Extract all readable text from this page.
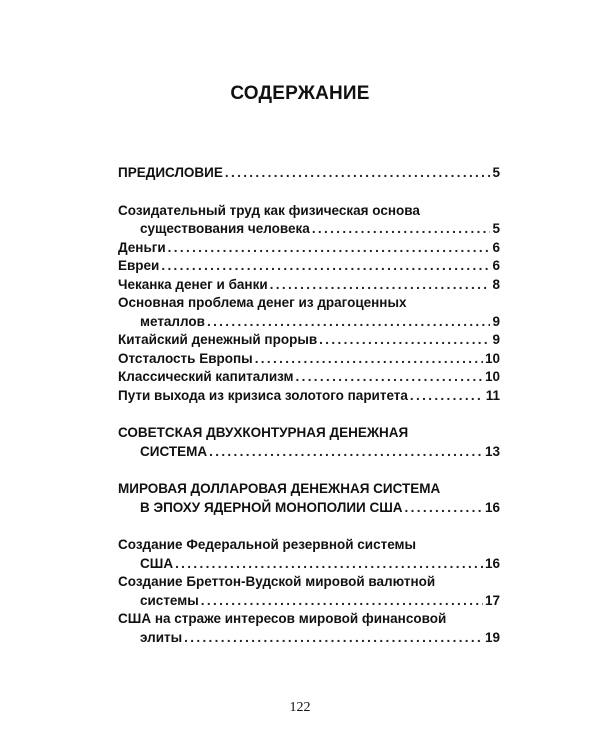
СОДЕРЖАНИЕ
ПРЕДИСЛОВИЕ . . .	5
Созидательный труд как физическая основа
существования человека . . .	5
Деньги . . .	6
Евреи . . .	6
Чеканка денег и банки . . .	8
Основная проблема денег из драгоценных
металлов . . .	9
Китайский денежный прорыв . . .	9
Отсталость Европы . . .	10
Классический капитализм . . .	10
Пути выхода из кризиса золотого паритета . . .	11
СОВЕТСКАЯ ДВУХКОНТУРНАЯ ДЕНЕЖНАЯ
СИСТЕМА . . .	13
МИРОВАЯ ДОЛЛАРОВАЯ ДЕНЕЖНАЯ СИСТЕМА
В ЭПОХУ ЯДЕРНОЙ МОНОПОЛИИ США . . .	16
Создание Федеральной резервной системы
США . . .	16
Создание Бреттон-Вудской мировой валютной
системы . . .	17
США на страже интересов мировой финансовой
элиты . . .	19
122
